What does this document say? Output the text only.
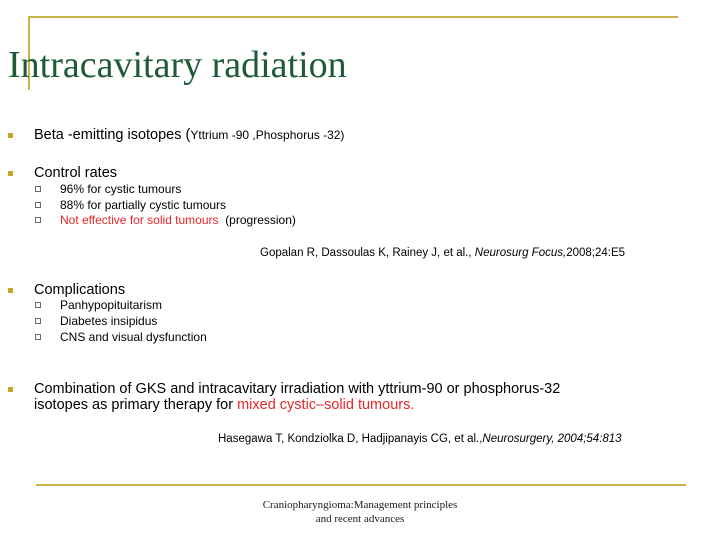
Intracavitary radiation
Beta -emitting isotopes (Yttrium -90 ,Phosphorus -32)
Control rates
96% for cystic tumours
88% for partially cystic tumours
Not effective for solid tumours (progression)
Gopalan R, Dassoulas K, Rainey J, et al., Neurosurg Focus,2008;24:E5
Complications
Panhypopituitarism
Diabetes insipidus
CNS and visual dysfunction
Combination of GKS and intracavitary irradiation with yttrium-90 or phosphorus-32
isotopes as primary therapy for mixed cystic–solid tumours.
Hasegawa T, Kondziolka D, Hadjipanayis CG, et al.,Neurosurgery, 2004;54:813
Craniopharyngioma:Management principles
and recent advances
